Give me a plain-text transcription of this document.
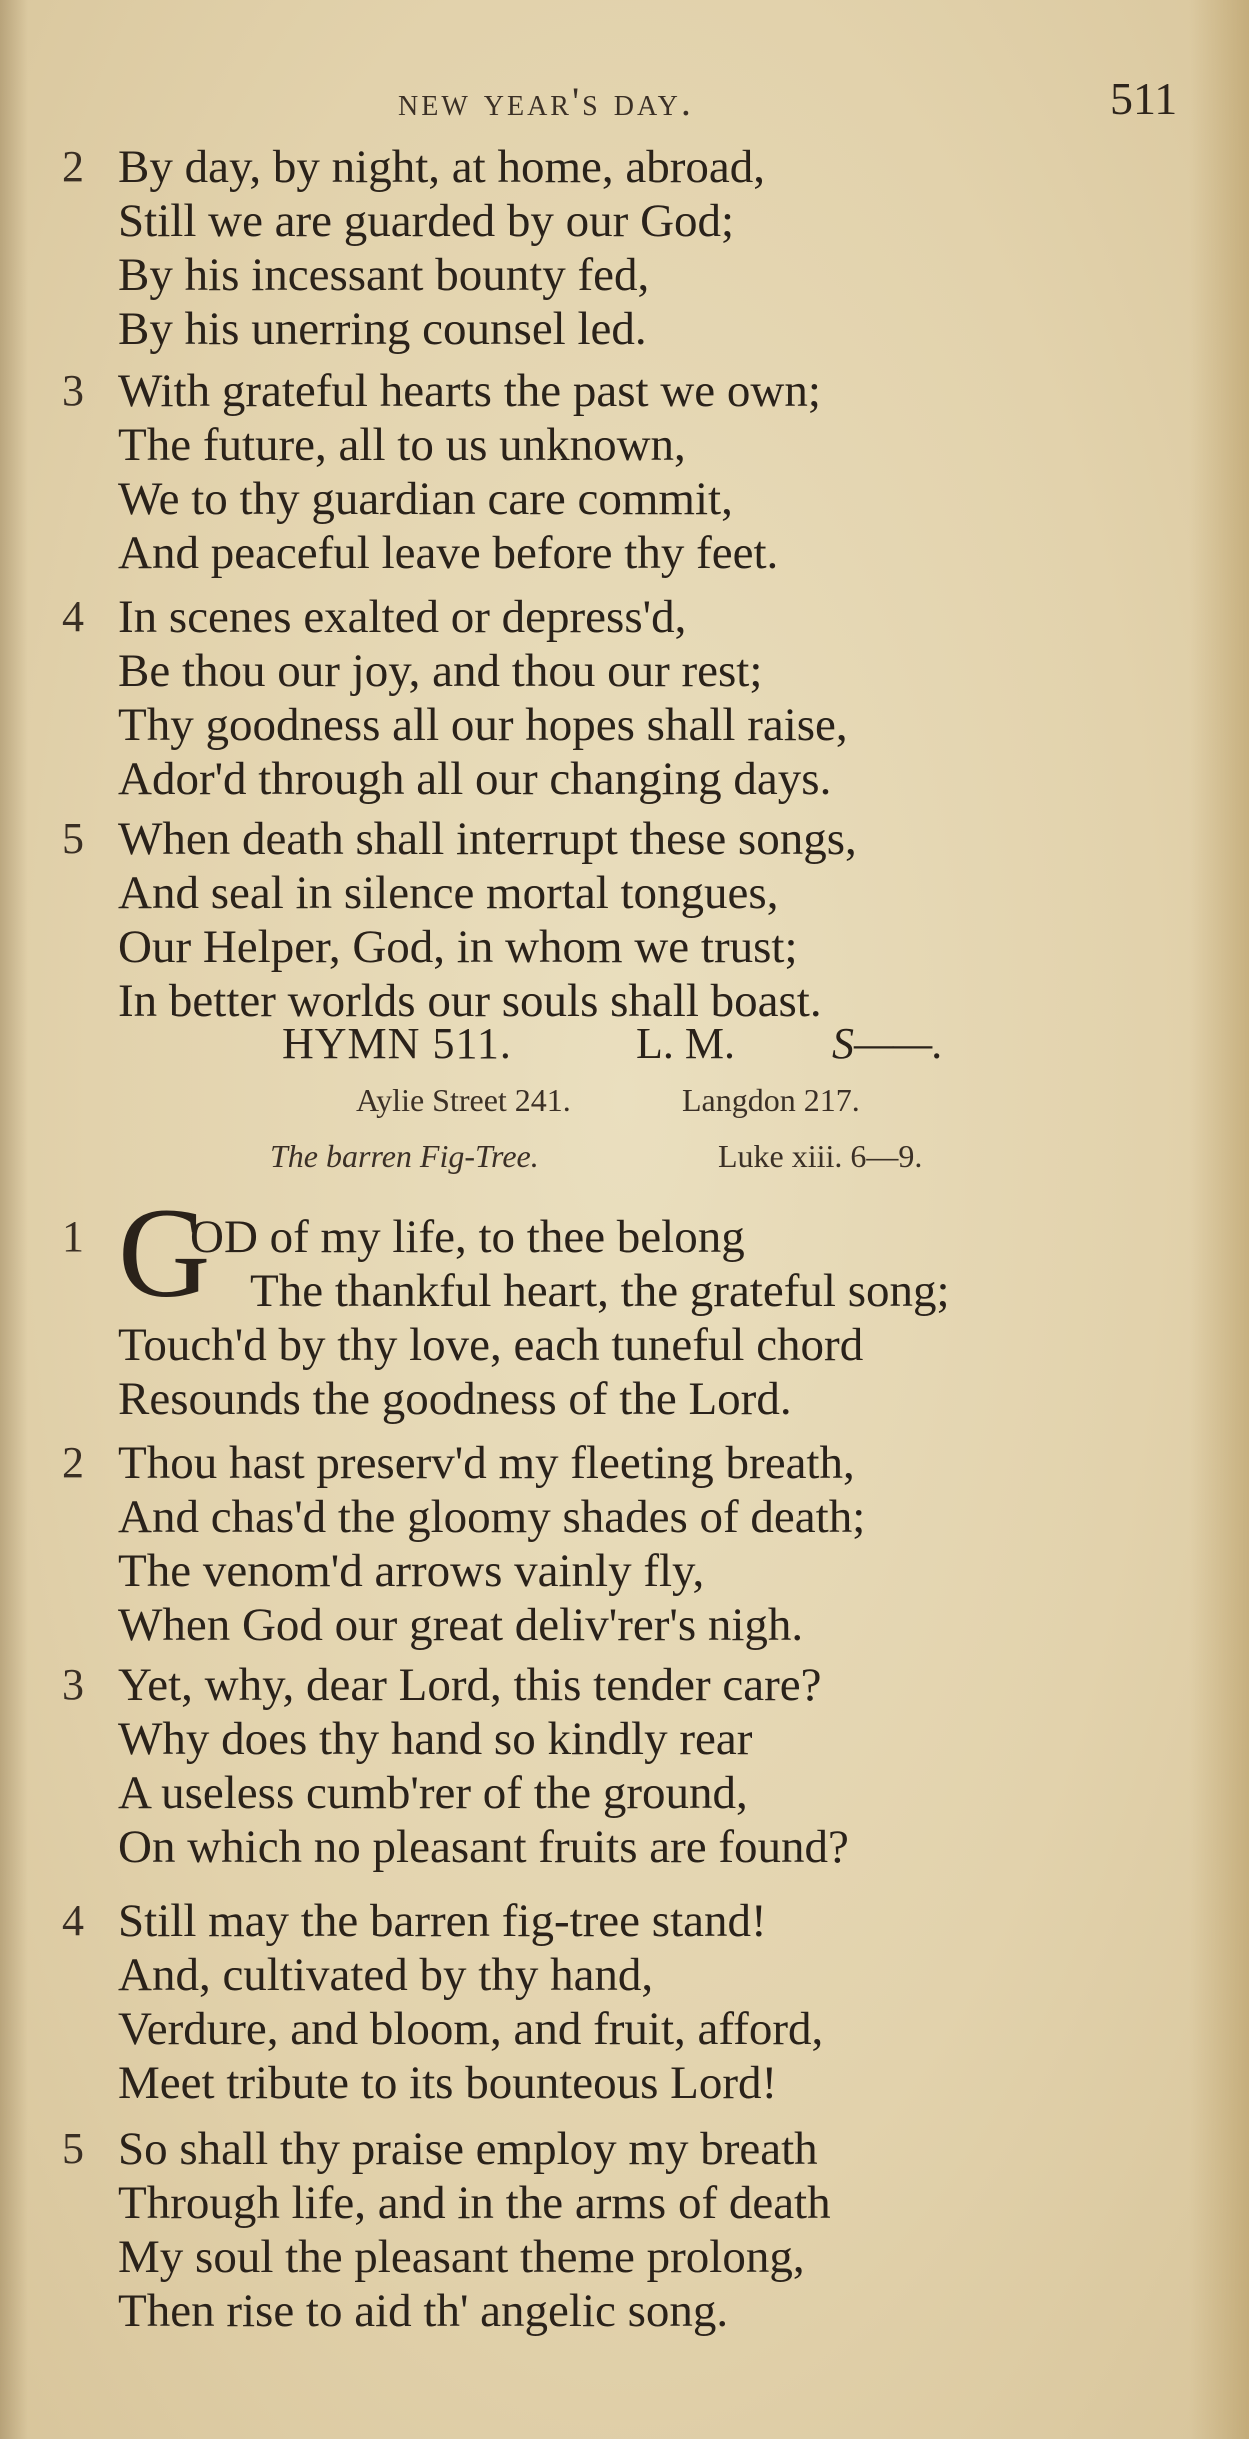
new year's day.	511
2 By day, by night, at home, abroad,
Still we are guarded by our God;
By his incessant bounty fed,
By his unerring counsel led.
3 With grateful hearts the past we own;
The future, all to us unknown,
We to thy guardian care commit,
And peaceful leave before thy feet.
4 In scenes exalted or depress'd,
Be thou our joy, and thou our rest;
Thy goodness all our hopes shall raise,
Ador'd through all our changing days.
5 When death shall interrupt these songs,
And seal in silence mortal tongues,
Our Helper, God, in whom we trust;
In better worlds our souls shall boast.
HYMN 511.	L. M. S——.
Aylie Street 241.	Langdon 217.
The barren Fig-Tree.	Luke xiii. 6—9.
1 OD of my life, to thee belong
The thankful heart, the grateful song;
Touch'd by thy love, each tuneful chord
Resounds the goodness of the Lord.
G
2 Thou hast preserv'd my fleeting breath,
And chas'd the gloomy shades of death;
The venom'd arrows vainly fly,
When God our great deliv'rer's nigh.
3 Yet, why, dear Lord, this tender care?
Why does thy hand so kindly rear
A useless cumb'rer of the ground,
On which no pleasant fruits are found?
4 Still may the barren fig-tree stand!
And, cultivated by thy hand,
Verdure, and bloom, and fruit, afford,
Meet tribute to its bounteous Lord!
5 So shall thy praise employ my breath
Through life, and in the arms of death
My soul the pleasant theme prolong,
Then rise to aid th' angelic song.
